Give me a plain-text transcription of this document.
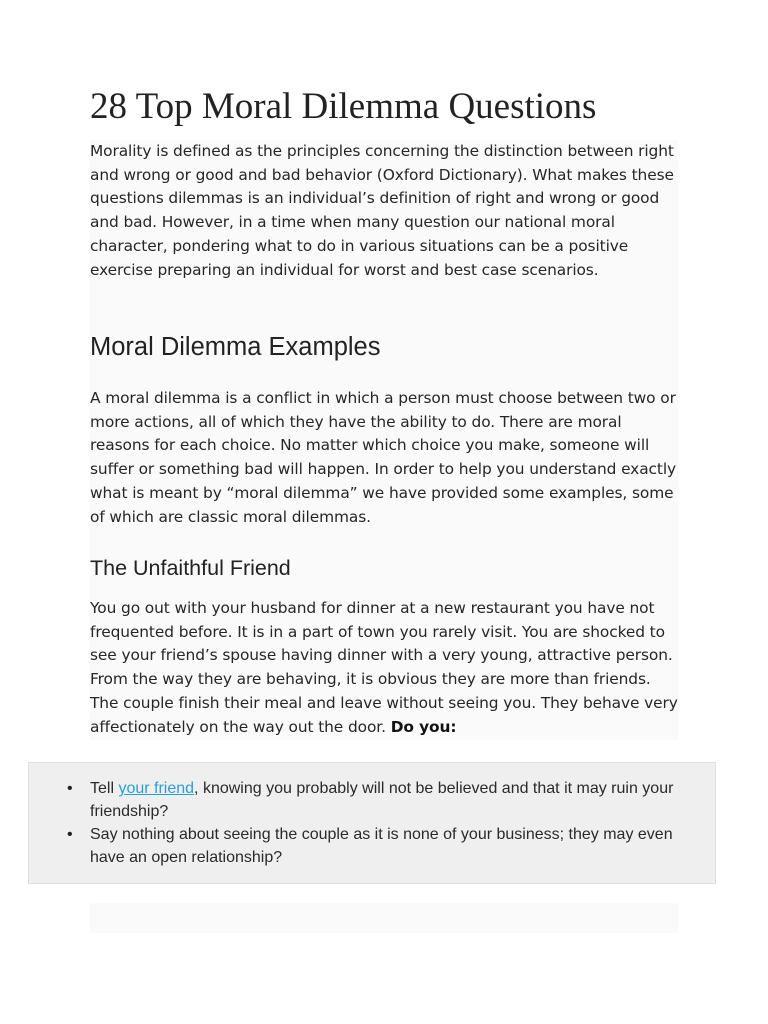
28 Top Moral Dilemma Questions

Morality is defined as the principles concerning the distinction between right and wrong or good and bad behavior (Oxford Dictionary). What makes these questions dilemmas is an individual’s definition of right and wrong or good and bad. However, in a time when many question our national moral character, pondering what to do in various situations can be a positive exercise preparing an individual for worst and best case scenarios.

Moral Dilemma Examples

A moral dilemma is a conflict in which a person must choose between two or more actions, all of which they have the ability to do. There are moral reasons for each choice. No matter which choice you make, someone will suffer or something bad will happen. In order to help you understand exactly what is meant by “moral dilemma” we have provided some examples, some of which are classic moral dilemmas.

The Unfaithful Friend

You go out with your husband for dinner at a new restaurant you have not frequented before. It is in a part of town you rarely visit. You are shocked to see your friend’s spouse having dinner with a very young, attractive person. From the way they are behaving, it is obvious they are more than friends. The couple finish their meal and leave without seeing you. They behave very affectionately on the way out the door. Do you:

• Tell your friend, knowing you probably will not be believed and that it may ruin your friendship?
• Say nothing about seeing the couple as it is none of your business; they may even have an open relationship?
